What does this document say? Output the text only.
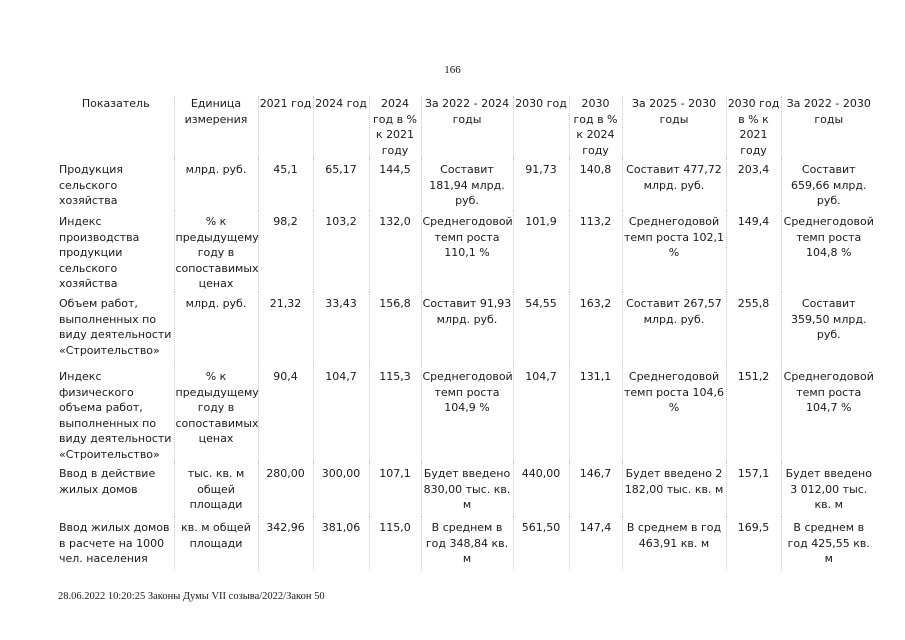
166
Показатель	Единица измерения	2021 год	2024 год	2024 год в % к 2021 году	За 2022 - 2024 годы	2030 год	2030 год в % к 2024 году	За 2025 - 2030 годы	2030 год в % к 2021 году	За 2022 - 2030 годы
Продукция сельского хозяйства	млрд. руб.	45,1	65,17	144,5	Составит 181,94 млрд. руб.	91,73	140,8	Составит 477,72 млрд. руб.	203,4	Составит 659,66 млрд. руб.
Индекс производства продукции сельского хозяйства	% к предыдущему году в сопоставимых ценах	98,2	103,2	132,0	Среднегодовой темп роста 110,1 %	101,9	113,2	Среднегодовой темп роста 102,1 %	149,4	Среднегодовой темп роста 104,8 %
Объем работ, выполненных по виду деятельности «Строительство»	млрд. руб.	21,32	33,43	156,8	Составит 91,93 млрд. руб.	54,55	163,2	Составит 267,57 млрд. руб.	255,8	Составит 359,50 млрд. руб.
Индекс физического объема работ, выполненных по виду деятельности «Строительство»	% к предыдущему году в сопоставимых ценах	90,4	104,7	115,3	Среднегодовой темп роста 104,9 %	104,7	131,1	Среднегодовой темп роста 104,6 %	151,2	Среднегодовой темп роста 104,7 %
Ввод в действие жилых домов	тыс. кв. м общей площади	280,00	300,00	107,1	Будет введено 830,00 тыс. кв. м	440,00	146,7	Будет введено 2 182,00 тыс. кв. м	157,1	Будет введено 3 012,00 тыс. кв. м
Ввод жилых домов в расчете на 1000 чел. населения	кв. м общей площади	342,96	381,06	115,0	В среднем в год 348,84 кв. м	561,50	147,4	В среднем в год 463,91 кв. м	169,5	В среднем в год 425,55 кв. м
28.06.2022 10:20:25 Законы Думы VII созыва/2022/Закон 50
